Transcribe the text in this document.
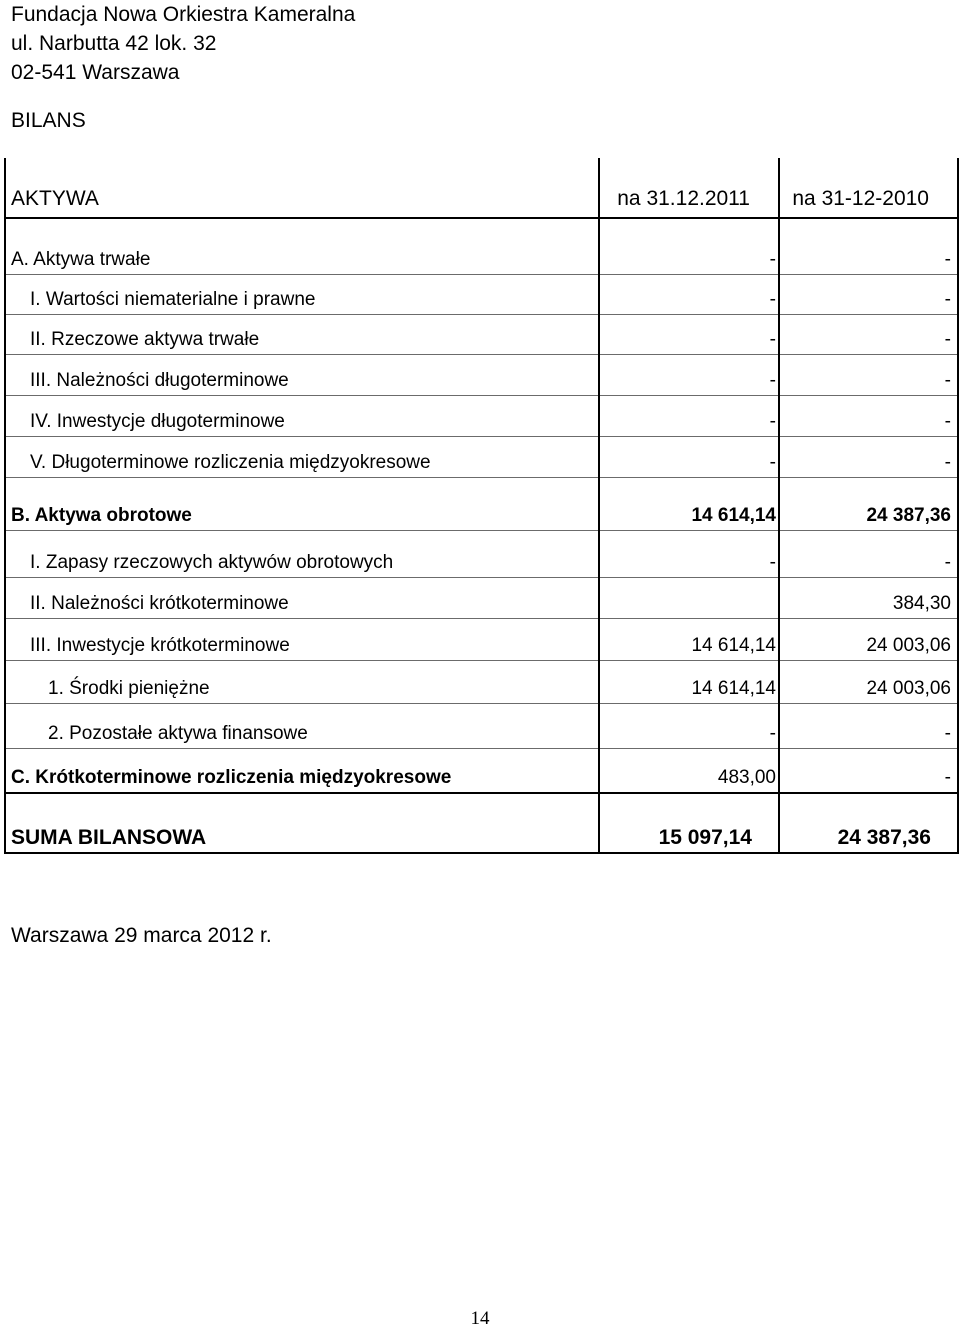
Fundacja Nowa Orkiestra Kameralna
ul. Narbutta 42 lok. 32
02-541 Warszawa
BILANS
AKTYWA	na 31.12.2011	na 31-12-2010
A. Aktywa trwałe	-	-
I. Wartości niematerialne i prawne	-	-
II. Rzeczowe aktywa trwałe	-	-
III. Należności długoterminowe	-	-
IV. Inwestycje długoterminowe	-	-
V. Długoterminowe rozliczenia międzyokresowe	-	-
B. Aktywa obrotowe	14 614,14	24 387,36
I. Zapasy rzeczowych aktywów obrotowych	-	-
II. Należności krótkoterminowe		384,30
III. Inwestycje krótkoterminowe	14 614,14	24 003,06
1. Środki pieniężne	14 614,14	24 003,06
2. Pozostałe aktywa finansowe	-	-
C. Krótkoterminowe rozliczenia międzyokresowe	483,00	-
SUMA BILANSOWA	15 097,14	24 387,36
Warszawa 29 marca 2012 r.
14
